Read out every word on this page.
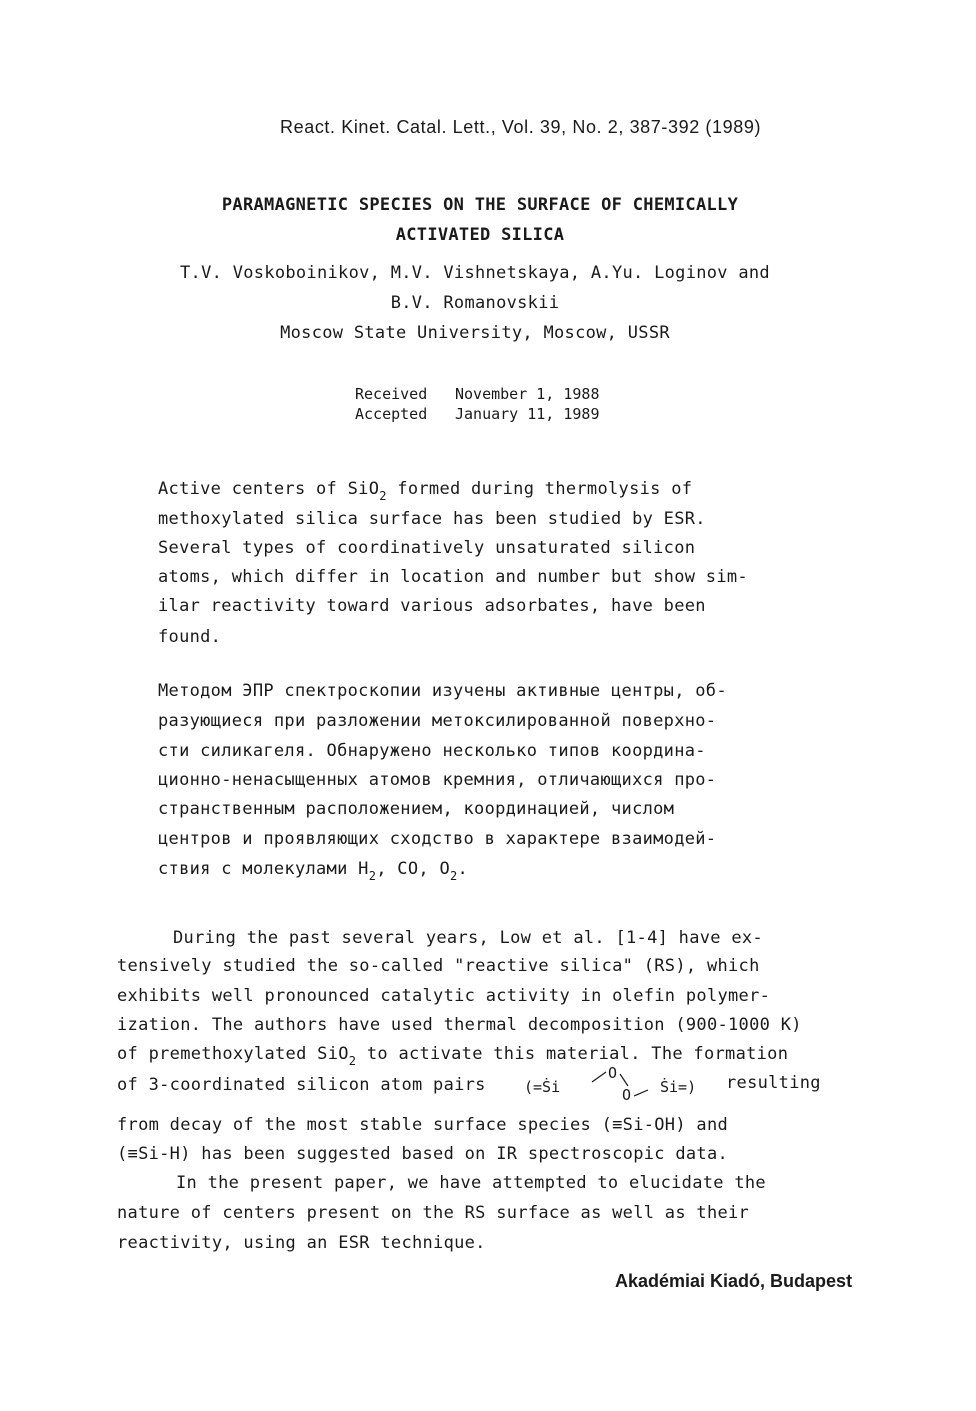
React. Kinet. Catal. Lett., Vol. 39, No. 2, 387-392 (1989)
PARAMAGNETIC SPECIES ON THE SURFACE OF CHEMICALLY
ACTIVATED SILICA
T.V. Voskoboinikov, M.V. Vishnetskaya, A.Yu. Loginov and
B.V. Romanovskii
Moscow State University, Moscow, USSR
Received November 1, 1988
Accepted January 11, 1989
Active centers of SiO$_2$ formed during thermolysis of
methoxylated silica surface has been studied by ESR.
Several types of coordinatively unsaturated silicon
atoms, which differ in location and number but show sim-
ilar reactivity toward various adsorbates, have been
found.
Методом ЭПР спектроскопии изучены активные центры, об-
разующиеся при разложении метоксилированной поверхно-
сти силикагеля. Обнаружено несколько типов координа-
ционно-ненасыщенных атомов кремния, отличающихся про-
странственным расположением, координацией, числом
центров и проявляющих сходство в характере взаимодей-
ствия с молекулами $H_2$, CO, $O_2$.
During the past several years, Low et al. [1-4] have ex-
tensively studied the so-called "reactive silica" (RS), which
exhibits well pronounced catalytic activity in olefin polymer-
ization. The authors have used thermal decomposition (900-1000 K)
of premethoxylated SiO$_2$ to activate this material. The formation
of 3-coordinated silicon atom pairs	(=Ṡi
O
O Ṡi=) resulting
from decay of the most stable surface species (≡Si-OH) and
(≡Si-H) has been suggested based on IR spectroscopic data.
In the present paper, we have attempted to elucidate the
nature of centers present on the RS surface as well as their
reactivity, using an ESR technique.
Akadémiai Kiadó, Budapest
